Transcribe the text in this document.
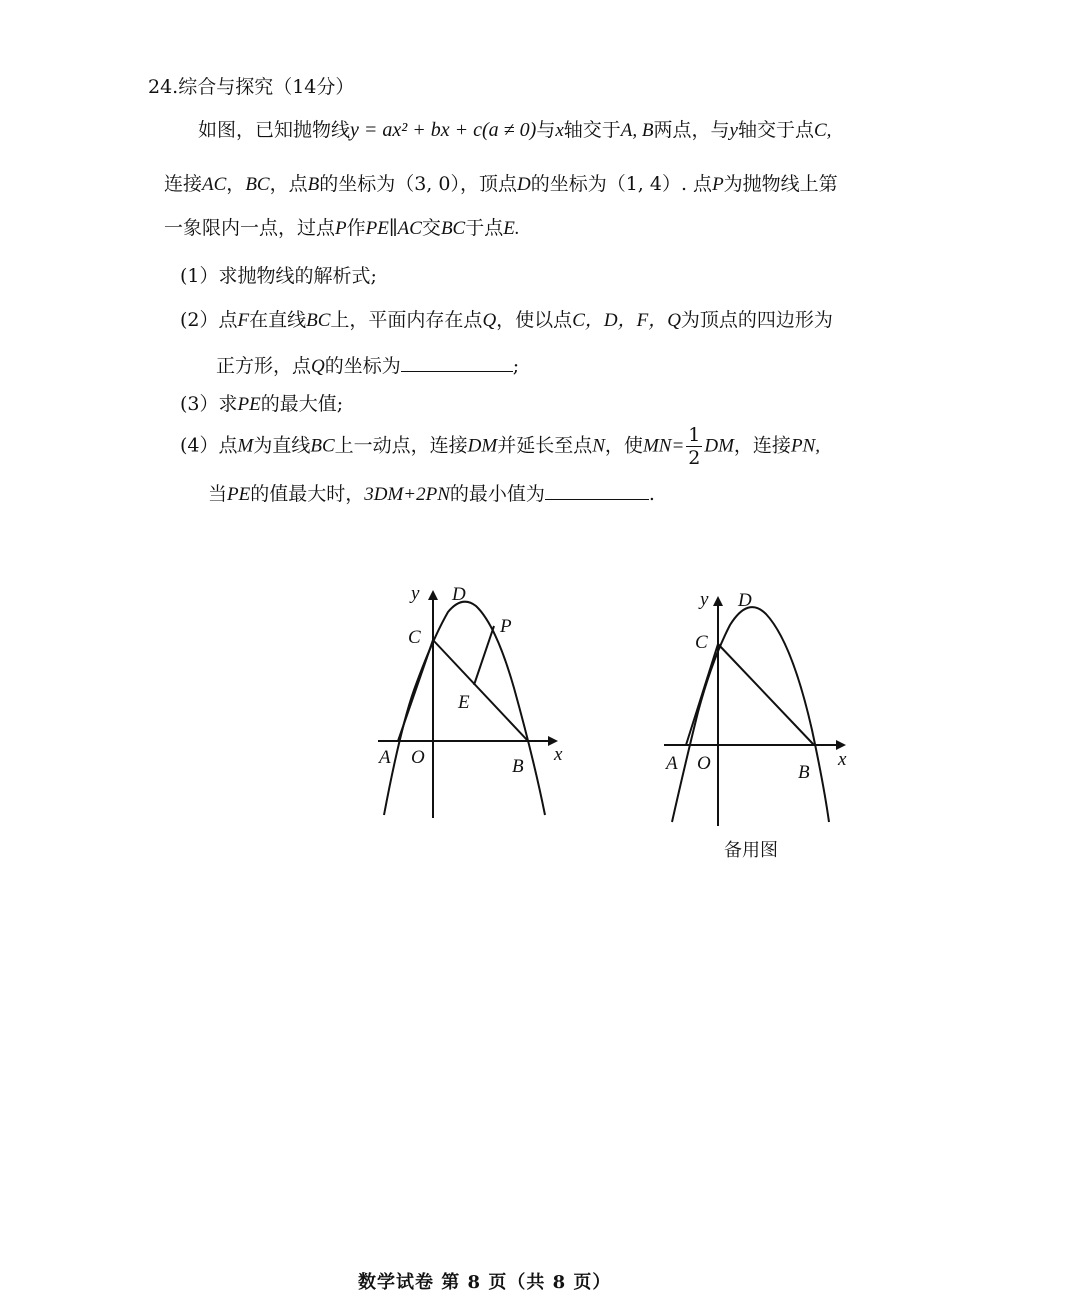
24.综合与探究（14分）
如图，已知抛物线y = ax² + bx + c(a ≠ 0)与x轴交于A, B两点，与y轴交于点C,
连接AC，BC，点B的坐标为（3, 0），顶点D的坐标为（1, 4）. 点P为抛物线上第
一象限内一点，过点P作PE∥AC交BC于点E.
(1）求抛物线的解析式;
(2）点F在直线BC上，平面内存在点Q，使以点C，D，F，Q为顶点的四边形为
正方形，点Q的坐标为	;
(3）求PE的最大值;
(4）点M为直线BC上一动点，连接DM并延长至点N，使$MN= \frac{1}{2}$ DM，连接PN,
当PE的值最大时，3DM+2PN的最小值为	.
y D
P
C
E
A O	B
x
y D
C
A O	B
x
备用图
数学试卷 第 8 页（共 8 页）
